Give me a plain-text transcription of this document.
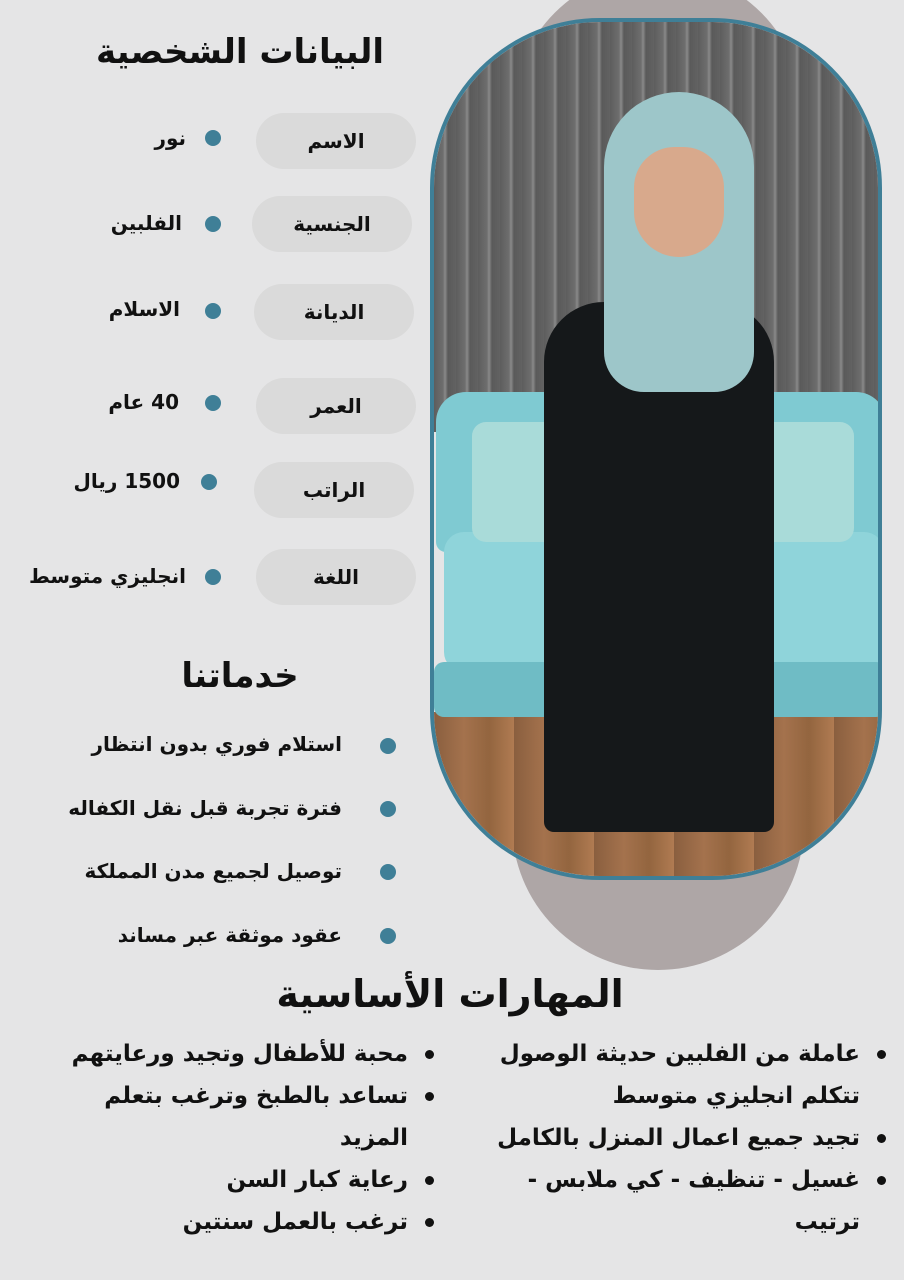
البيانات الشخصية
الاسم
نور
الجنسية
الفلبين
الديانة
الاسلام
العمر
40 عام
الراتب
1500 ريال
اللغة
انجليزي متوسط
خدماتنا
استلام فوري بدون انتظار
فترة تجربة قبل نقل الكفاله
توصيل لجميع مدن المملكة
عقود موثقة عبر مساند
المهارات الأساسية
عاملة من الفلبين حديثة الوصول
تتكلم انجليزي متوسط
تجيد جميع اعمال المنزل بالكامل
غسيل - تنظيف - كي ملابس -
ترتيب
محبة للأطفال وتجيد ورعايتهم
تساعد بالطبخ وترغب بتعلم
المزيد
رعاية كبار السن
ترغب بالعمل سنتين
